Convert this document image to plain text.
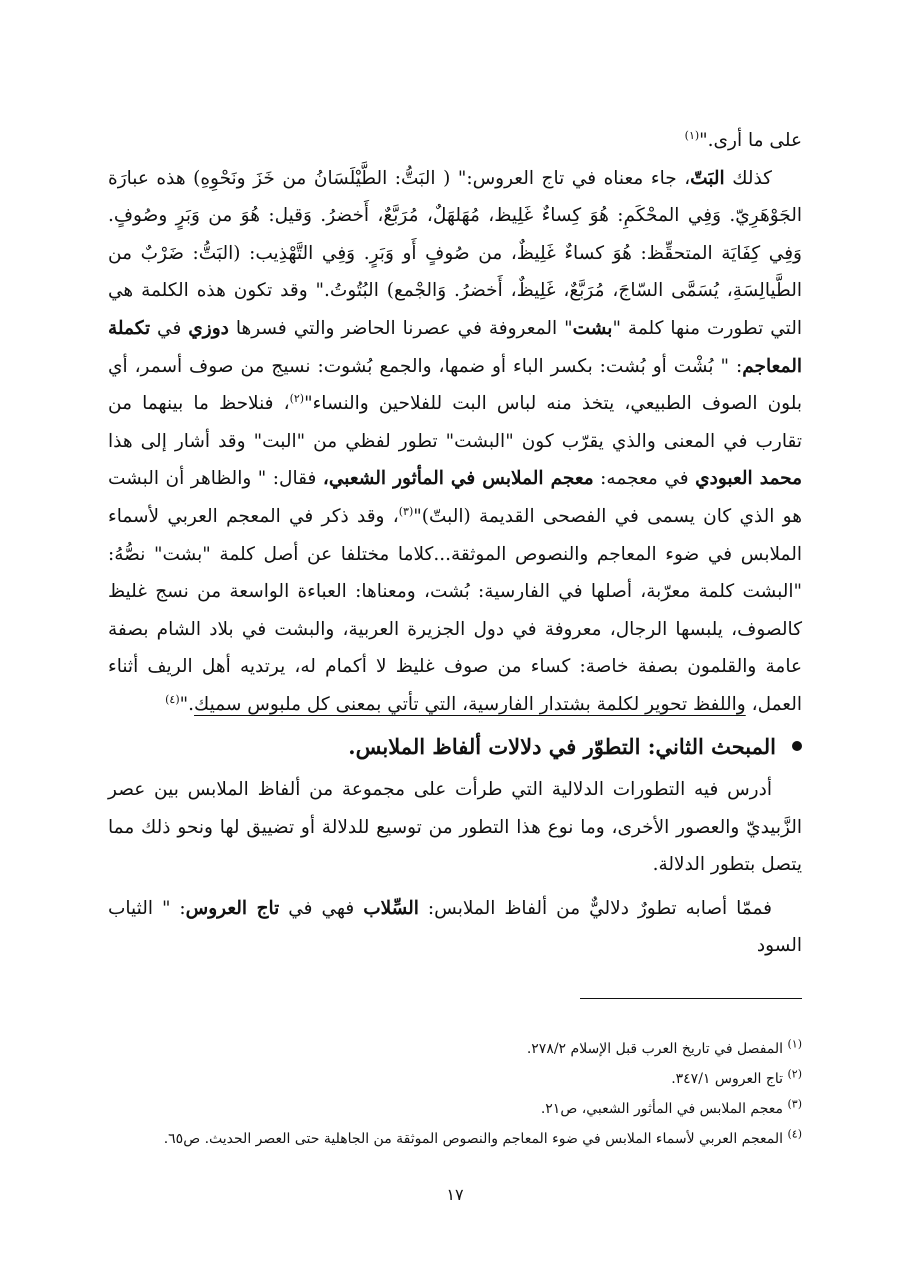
على ما أرى."$^{(١)}$

كذلك البَتّ، جاء معناه في تاج العروس:" ( البَتُّ: الطَّيْلَسَانُ من خَزَ ونَحْوِهِ) هذه عبارَة الجَوْهَرِيّ. وَفِي المحْكَمِ: هُوَ كِساءٌ غَلِيظ، مُهَلهَلٌ، مُرَبَّعٌ، أَخضرُ. وَقيل: هُوَ من وَبَرٍ وصُوفٍ. وَفِي كِفَايَة المتحقِّظ: هُوَ كساءٌ غَلِيظٌ، من صُوفٍ أَو وَبَرٍ. وَفِي التَّهْذِيب: (البَتُّ: ضَرْبٌ من الطَّيالِسَةِ، يُسَمَّى السّاجَ، مُرَبَّعٌ، غَلِيظٌ، أَخضرُ. وَالجْمع) البُتُوتُ." وقد تكون هذه الكلمة هي التي تطورت منها كلمة "بشت" المعروفة في عصرنا الحاضر والتي فسرها دوزي في تكملة المعاجم: " بُشْت أو بُشت: بكسر الباء أو ضمها، والجمع بُشوت: نسيج من صوف أسمر، أي بلون الصوف الطبيعي، يتخذ منه لباس البت للفلاحين والنساء"$^{(٢)}$، فنلاحظ ما بينهما من تقارب في المعنى والذي يقرّب كون "البشت" تطور لفظي من "البت" وقد أشار إلى هذا محمد العبودي في معجمه: معجم الملابس في المأثور الشعبي، فقال: " والظاهر أن البشت هو الذي كان يسمى في الفصحى القديمة (البتّ)"$^{(٣)}$، وقد ذكر في المعجم العربي لأسماء الملابس في ضوء المعاجم والنصوص الموثقة...كلاما مختلفا عن أصل كلمة "بشت" نصُّهُ: "البشت كلمة معرّبة، أصلها في الفارسية: بُشت، ومعناها: العباءة الواسعة من نسج غليظ كالصوف، يلبسها الرجال، معروفة في دول الجزيرة العربية، والبشت في بلاد الشام بصفة عامة والقلمون بصفة خاصة: كساء من صوف غليظ لا أكمام له، يرتديه أهل الريف أثناء العمل، واللفظ تحوير لكلمة بشتدار الفارسية، التي تأتي بمعنى كل ملبوس سميك."$^{(٤)}$

المبحث الثاني: التطوّر في دلالات ألفاظ الملابس.

أدرس فيه التطورات الدلالية التي طرأت على مجموعة من ألفاظ الملابس بين عصر الزَّبيديّ والعصور الأخرى، وما نوع هذا التطور من توسيع للدلالة أو تضييق لها ونحو ذلك مما يتصل بتطور الدلالة.

فممّا أصابه تطورٌ دلاليٌّ من ألفاظ الملابس: السِّلاب فهي في تاج العروس: " الثياب السود

$^{(١)}$ المفصل في تاريخ العرب قبل الإسلام ٢٧٨/٢.
$^{(٢)}$ تاج العروس ٣٤٧/١.
$^{(٣)}$ معجم الملابس في المأثور الشعبي، ص٢١.
$^{(٤)}$ المعجم العربي لأسماء الملابس في ضوء المعاجم والنصوص الموثقة من الجاهلية حتى العصر الحديث. ص٦٥.
١٧
